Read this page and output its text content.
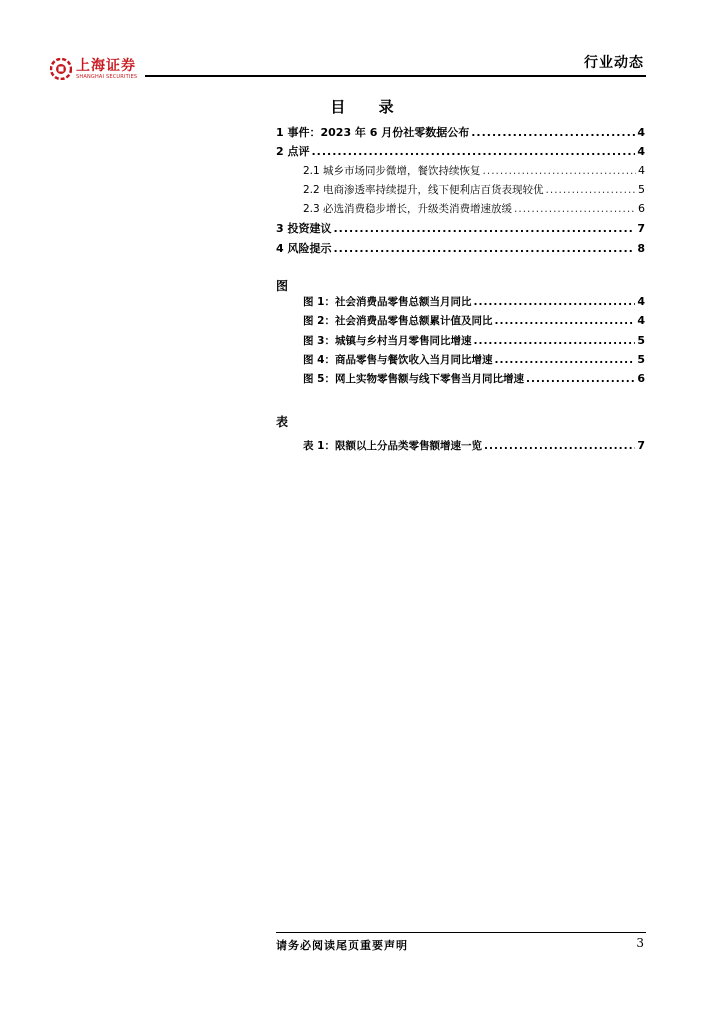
上海证券
SHANGHAI SECURITIES
行业动态
目 录
1 事件：2023 年 6 月份社零数据公布 .....	4
2 点评 .....	4
2.1 城乡市场同步微增，餐饮持续恢复 .....	4
2.2 电商渗透率持续提升，线下便利店百货表现较优 .....	5
2.3 必选消费稳步增长，升级类消费增速放缓 .....	6
3 投资建议 .....	7
4 风险提示 .....	8
图
图 1：社会消费品零售总额当月同比 .....	4
图 2：社会消费品零售总额累计值及同比 .....	4
图 3：城镇与乡村当月零售同比增速 .....	5
图 4：商品零售与餐饮收入当月同比增速 .....	5
图 5：网上实物零售额与线下零售当月同比增速 .....	6
表
表 1：限额以上分品类零售额增速一览 .....	7
请务必阅读尾页重要声明	3
